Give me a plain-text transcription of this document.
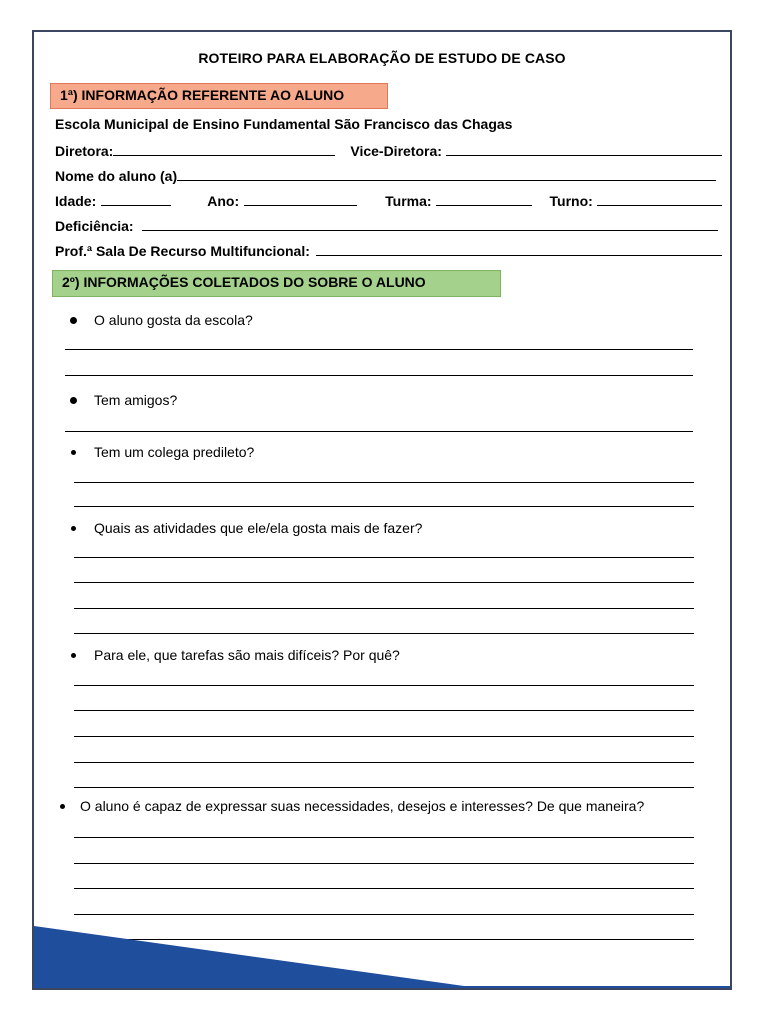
ROTEIRO PARA ELABORAÇÃO DE ESTUDO DE CASO
1ª) INFORMAÇÃO REFERENTE AO ALUNO
Escola Municipal de Ensino Fundamental São Francisco das Chagas
Diretora:	Vice-Diretora:
Nome do aluno (a)
Idade:	Ano:	Turma:	Turno:
Deficiência:
Prof.ª Sala De Recurso Multifuncional:
2º) INFORMAÇÕES COLETADOS DO SOBRE O ALUNO
O aluno gosta da escola?
Tem amigos?
Tem um colega predileto?
Quais as atividades que ele/ela gosta mais de fazer?
Para ele, que tarefas são mais difíceis? Por quê?
O aluno é capaz de expressar suas necessidades, desejos e interesses? De que maneira?
